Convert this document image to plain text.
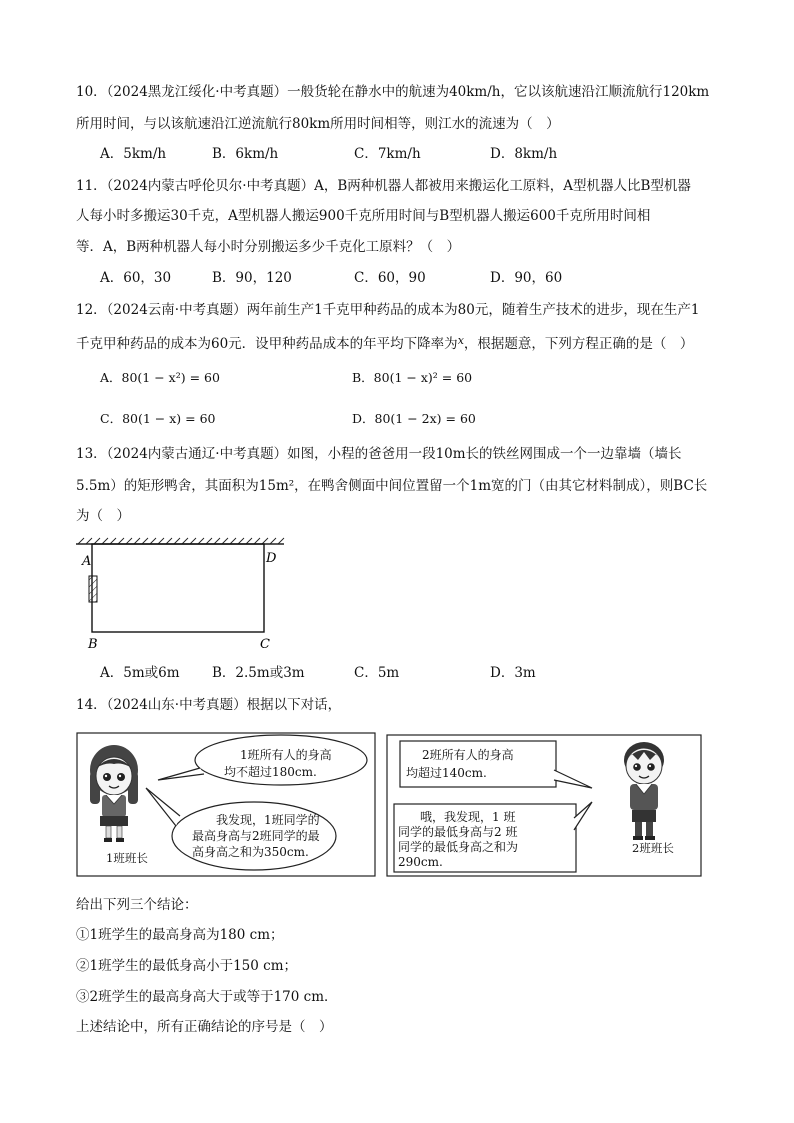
10．（2024黑龙江绥化·中考真题）一般货轮在静水中的航速为40km/h，它以该航速沿江顺流航行120km
所用时间，与以该航速沿江逆流航行80km所用时间相等，则江水的流速为（　）
A．5km/h	B．6km/h	C．7km/h	D．8km/h
11．（2024内蒙古呼伦贝尔·中考真题）A，B两种机器人都被用来搬运化工原料，A型机器人比B型机器
人每小时多搬运30千克，A型机器人搬运900千克所用时间与B型机器人搬运600千克所用时间相
等．A，B两种机器人每小时分别搬运多少千克化工原料？（　）
A．60，30	B．90，120	C．60，90	D．90，60
12．（2024云南·中考真题）两年前生产1千克甲种药品的成本为80元，随着生产技术的进步，现在生产1
千克甲种药品的成本为60元．设甲种药品成本的年平均下降率为$^x$，根据题意，下列方程正确的是（　）
A．80(1 − x²) = 60	B．80(1 − x)² = 60
C．80(1 − x) = 60	D．80(1 − 2x) = 60
13．（2024内蒙古通辽·中考真题）如图，小程的爸爸用一段10m长的铁丝网围成一个一边靠墙（墙长
5.5m）的矩形鸭舍，其面积为15m²，在鸭舍侧面中间位置留一个1m宽的门（由其它材料制成），则BC长
为（　）
A	D
B	C
A．5m或6m B．2.5m或3m	C．5m	D．3m
14．（2024山东·中考真题）根据以下对话，
1班所有人的身高
均不超过180cm.
我发现，1班同学的
最高身高与2班同学的最
高身高之和为350cm.
1班班长
2班所有人的身高
均超过140cm.
哦，我发现，1 班
同学的最低身高与2 班
同学的最低身高之和为
290cm.
2班班长
给出下列三个结论：
①1班学生的最高身高为180 cm；
②1班学生的最低身高小于150 cm；
③2班学生的最高身高大于或等于170 cm．
上述结论中，所有正确结论的序号是（　）
